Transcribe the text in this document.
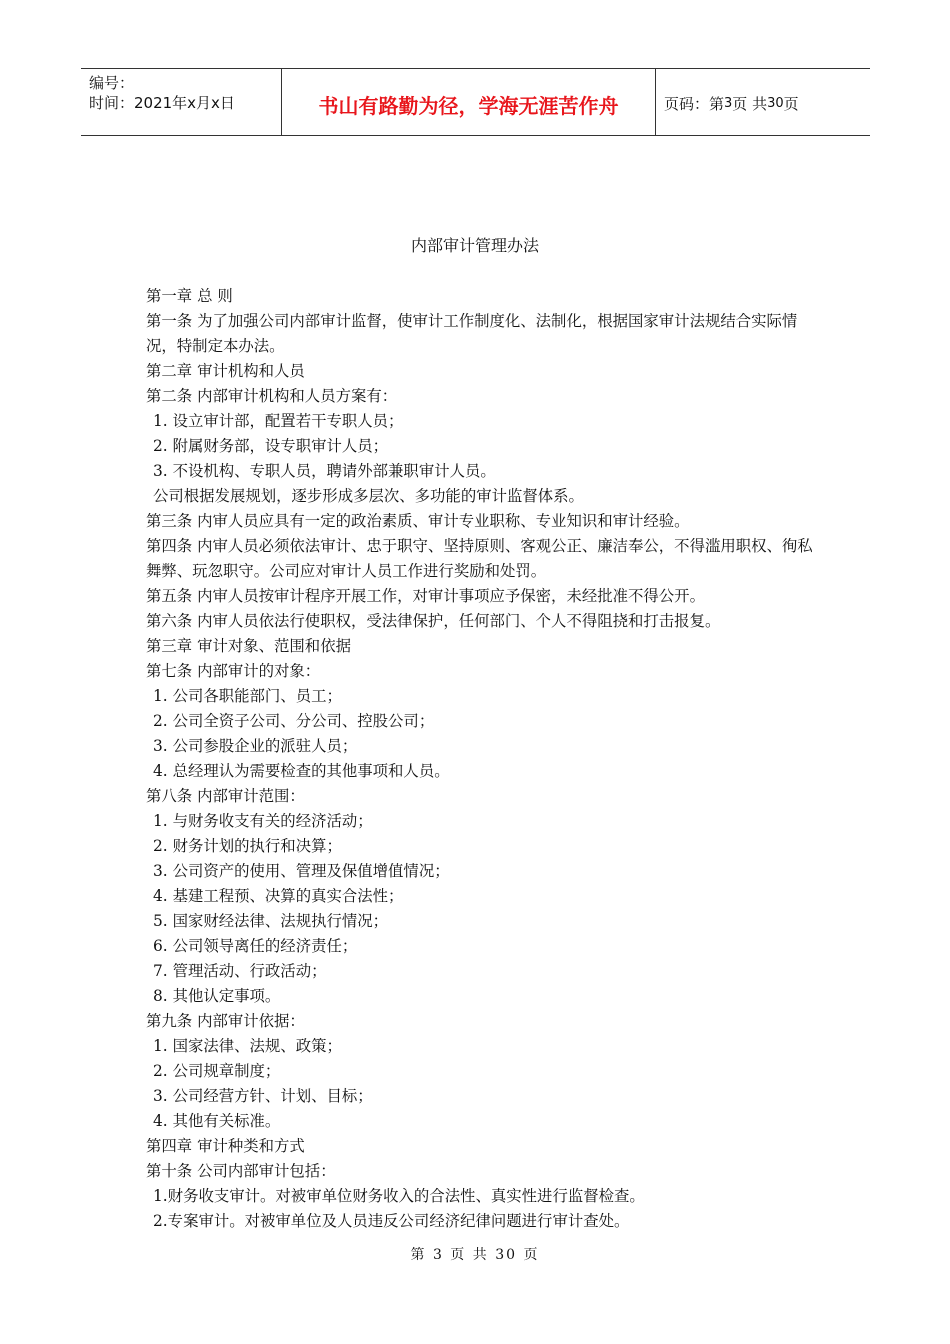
编号：
时间：2021年x月x日	书山有路勤为径，学海无涯苦作舟	页码：第 3 页 共 30 页
内部审计管理办法

第一章 总 则

第一条 为了加强公司内部审计监督，使审计工作制度化、法制化，根据国家审计法规结合实际情况，特制定本办法。

第二章 审计机构和人员

第二条 内部审计机构和人员方案有：

1. 设立审计部，配置若干专职人员；

2. 附属财务部，设专职审计人员；

3. 不设机构、专职人员，聘请外部兼职审计人员。

公司根据发展规划，逐步形成多层次、多功能的审计监督体系。

第三条 内审人员应具有一定的政治素质、审计专业职称、专业知识和审计经验。

第四条 内审人员必须依法审计、忠于职守、坚持原则、客观公正、廉洁奉公，不得滥用职权、徇私舞弊、玩忽职守。公司应对审计人员工作进行奖励和处罚。

第五条 内审人员按审计程序开展工作，对审计事项应予保密，未经批准不得公开。

第六条 内审人员依法行使职权，受法律保护，任何部门、个人不得阻挠和打击报复。

第三章 审计对象、范围和依据

第七条 内部审计的对象：

1. 公司各职能部门、员工；

2. 公司全资子公司、分公司、控股公司；

3. 公司参股企业的派驻人员；

4. 总经理认为需要检查的其他事项和人员。

第八条 内部审计范围：

1. 与财务收支有关的经济活动；

2. 财务计划的执行和决算；

3. 公司资产的使用、管理及保值增值情况；

4. 基建工程预、决算的真实合法性；

5. 国家财经法律、法规执行情况；

6. 公司领导离任的经济责任；

7. 管理活动、行政活动；

8. 其他认定事项。

第九条 内部审计依据：

1. 国家法律、法规、政策；

2. 公司规章制度；

3. 公司经营方针、计划、目标；

4. 其他有关标准。

第四章 审计种类和方式

第十条 公司内部审计包括：

1.财务收支审计。对被审单位财务收入的合法性、真实性进行监督检查。

2.专案审计。对被审单位及人员违反公司经济纪律问题进行审计查处。

第 3 页 共 30 页
